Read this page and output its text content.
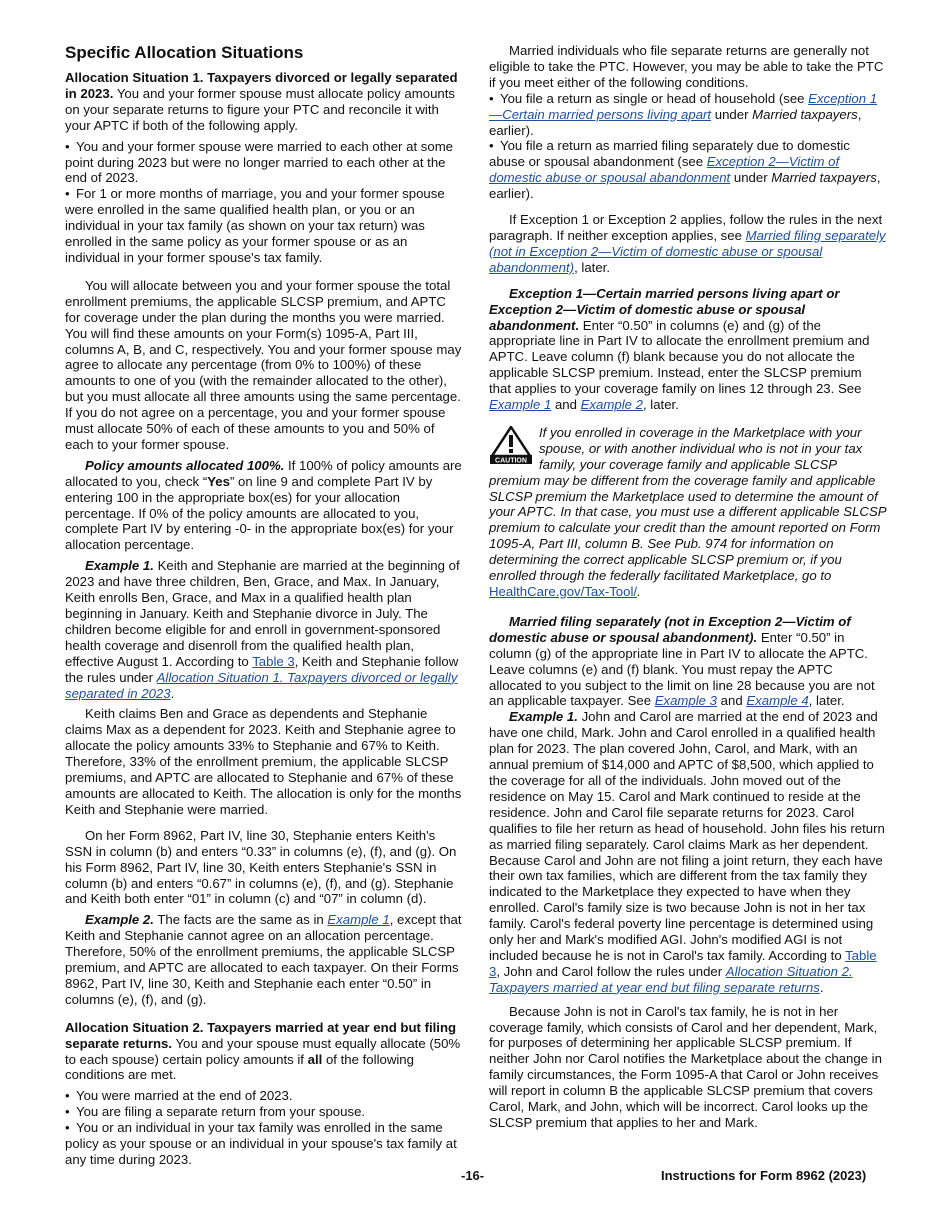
Specific Allocation Situations

Allocation Situation 1. Taxpayers divorced or legally separated in 2023. You and your former spouse must allocate policy amounts on your separate returns to figure your PTC and reconcile it with your APTC if both of the following apply.

• You and your former spouse were married to each other at some point during 2023 but were no longer married to each other at the end of 2023.

• For 1 or more months of marriage, you and your former spouse were enrolled in the same qualified health plan, or you or an individual in your tax family (as shown on your tax return) was enrolled in the same policy as your former spouse or as an individual in your former spouse's tax family.

You will allocate between you and your former spouse the total enrollment premiums, the applicable SLCSP premium, and APTC for coverage under the plan during the months you were married. You will find these amounts on your Form(s) 1095-A, Part III, columns A, B, and C, respectively. You and your former spouse may agree to allocate any percentage (from 0% to 100%) of these amounts to one of you (with the remainder allocated to the other), but you must allocate all three amounts using the same percentage. If you do not agree on a percentage, you and your former spouse must allocate 50% of each of these amounts to you and 50% of each to your former spouse.

Policy amounts allocated 100%. If 100% of policy amounts are allocated to you, check “Yes” on line 9 and complete Part IV by entering 100 in the appropriate box(es) for your allocation percentage. If 0% of the policy amounts are allocated to you, complete Part IV by entering -0- in the appropriate box(es) for your allocation percentage.

Example 1. Keith and Stephanie are married at the beginning of 2023 and have three children, Ben, Grace, and Max. In January, Keith enrolls Ben, Grace, and Max in a qualified health plan beginning in January. Keith and Stephanie divorce in July. The children become eligible for and enroll in government-sponsored health coverage and disenroll from the qualified health plan, effective August 1. According to Table 3, Keith and Stephanie follow the rules under Allocation Situation 1. Taxpayers divorced or legally separated in 2023.

Keith claims Ben and Grace as dependents and Stephanie claims Max as a dependent for 2023. Keith and Stephanie agree to allocate the policy amounts 33% to Stephanie and 67% to Keith. Therefore, 33% of the enrollment premium, the applicable SLCSP premiums, and APTC are allocated to Stephanie and 67% of these amounts are allocated to Keith. The allocation is only for the months Keith and Stephanie were married.

On her Form 8962, Part IV, line 30, Stephanie enters Keith's SSN in column (b) and enters “0.33” in columns (e), (f), and (g). On his Form 8962, Part IV, line 30, Keith enters Stephanie's SSN in column (b) and enters “0.67” in columns (e), (f), and (g). Stephanie and Keith both enter “01” in column (c) and “07” in column (d).

Example 2. The facts are the same as in Example 1, except that Keith and Stephanie cannot agree on an allocation percentage. Therefore, 50% of the enrollment premiums, the applicable SLCSP premium, and APTC are allocated to each taxpayer. On their Forms 8962, Part IV, line 30, Keith and Stephanie each enter “0.50” in columns (e), (f), and (g).

Allocation Situation 2. Taxpayers married at year end but filing separate returns. You and your spouse must equally allocate (50% to each spouse) certain policy amounts if all of the following conditions are met.

• You were married at the end of 2023.

• You are filing a separate return from your spouse.

• You or an individual in your tax family was enrolled in the same policy as your spouse or an individual in your spouse's tax family at any time during 2023.

Married individuals who file separate returns are generally not eligible to take the PTC. However, you may be able to take the PTC if you meet either of the following conditions.

• You file a return as single or head of household (see Exception 1—Certain married persons living apart under Married taxpayers, earlier).

• You file a return as married filing separately due to domestic abuse or spousal abandonment (see Exception 2—Victim of domestic abuse or spousal abandonment under Married taxpayers, earlier).

If Exception 1 or Exception 2 applies, follow the rules in the next paragraph. If neither exception applies, see Married filing separately (not in Exception 2—Victim of domestic abuse or spousal abandonment), later.

Exception 1—Certain married persons living apart or Exception 2—Victim of domestic abuse or spousal abandonment. Enter “0.50” in columns (e) and (g) of the appropriate line in Part IV to allocate the enrollment premium and APTC. Leave column (f) blank because you do not allocate the applicable SLCSP premium. Instead, enter the SLCSP premium that applies to your coverage family on lines 12 through 23. See Example 1 and Example 2, later.

CAUTION

If you enrolled in coverage in the Marketplace with your spouse, or with another individual who is not in your tax family, your coverage family and applicable SLCSP premium may be different from the coverage family and applicable SLCSP premium the Marketplace used to determine the amount of your APTC. In that case, you must use a different applicable SLCSP premium to calculate your credit than the amount reported on Form 1095-A, Part III, column B. See Pub. 974 for information on determining the correct applicable SLCSP premium or, if you enrolled through the federally facilitated Marketplace, go to HealthCare.gov/Tax-Tool/.

Married filing separately (not in Exception 2—Victim of domestic abuse or spousal abandonment). Enter “0.50” in column (g) of the appropriate line in Part IV to allocate the APTC. Leave columns (e) and (f) blank. You must repay the APTC allocated to you subject to the limit on line 28 because you are not an applicable taxpayer. See Example 3 and Example 4, later.

Example 1. John and Carol are married at the end of 2023 and have one child, Mark. John and Carol enrolled in a qualified health plan for 2023. The plan covered John, Carol, and Mark, with an annual premium of $14,000 and APTC of $8,500, which applied to the coverage for all of the individuals. John moved out of the residence on May 15. Carol and Mark continued to reside at the residence. John and Carol file separate returns for 2023. Carol qualifies to file her return as head of household. John files his return as married filing separately. Carol claims Mark as her dependent. Because Carol and John are not filing a joint return, they each have their own tax families, which are different from the tax family they indicated to the Marketplace they expected to have when they enrolled. Carol's family size is two because John is not in her tax family. Carol's federal poverty line percentage is determined using only her and Mark's modified AGI. John's modified AGI is not included because he is not in Carol's tax family. According to Table 3, John and Carol follow the rules under Allocation Situation 2. Taxpayers married at year end but filing separate returns.

Because John is not in Carol's tax family, he is not in her coverage family, which consists of Carol and her dependent, Mark, for purposes of determining her applicable SLCSP premium. If neither John nor Carol notifies the Marketplace about the change in family circumstances, the Form 1095-A that Carol or John receives will report in column B the applicable SLCSP premium that covers Carol, Mark, and John, which will be incorrect. Carol looks up the SLCSP premium that applies to her and Mark.

-16-	Instructions for Form 8962 (2023)
